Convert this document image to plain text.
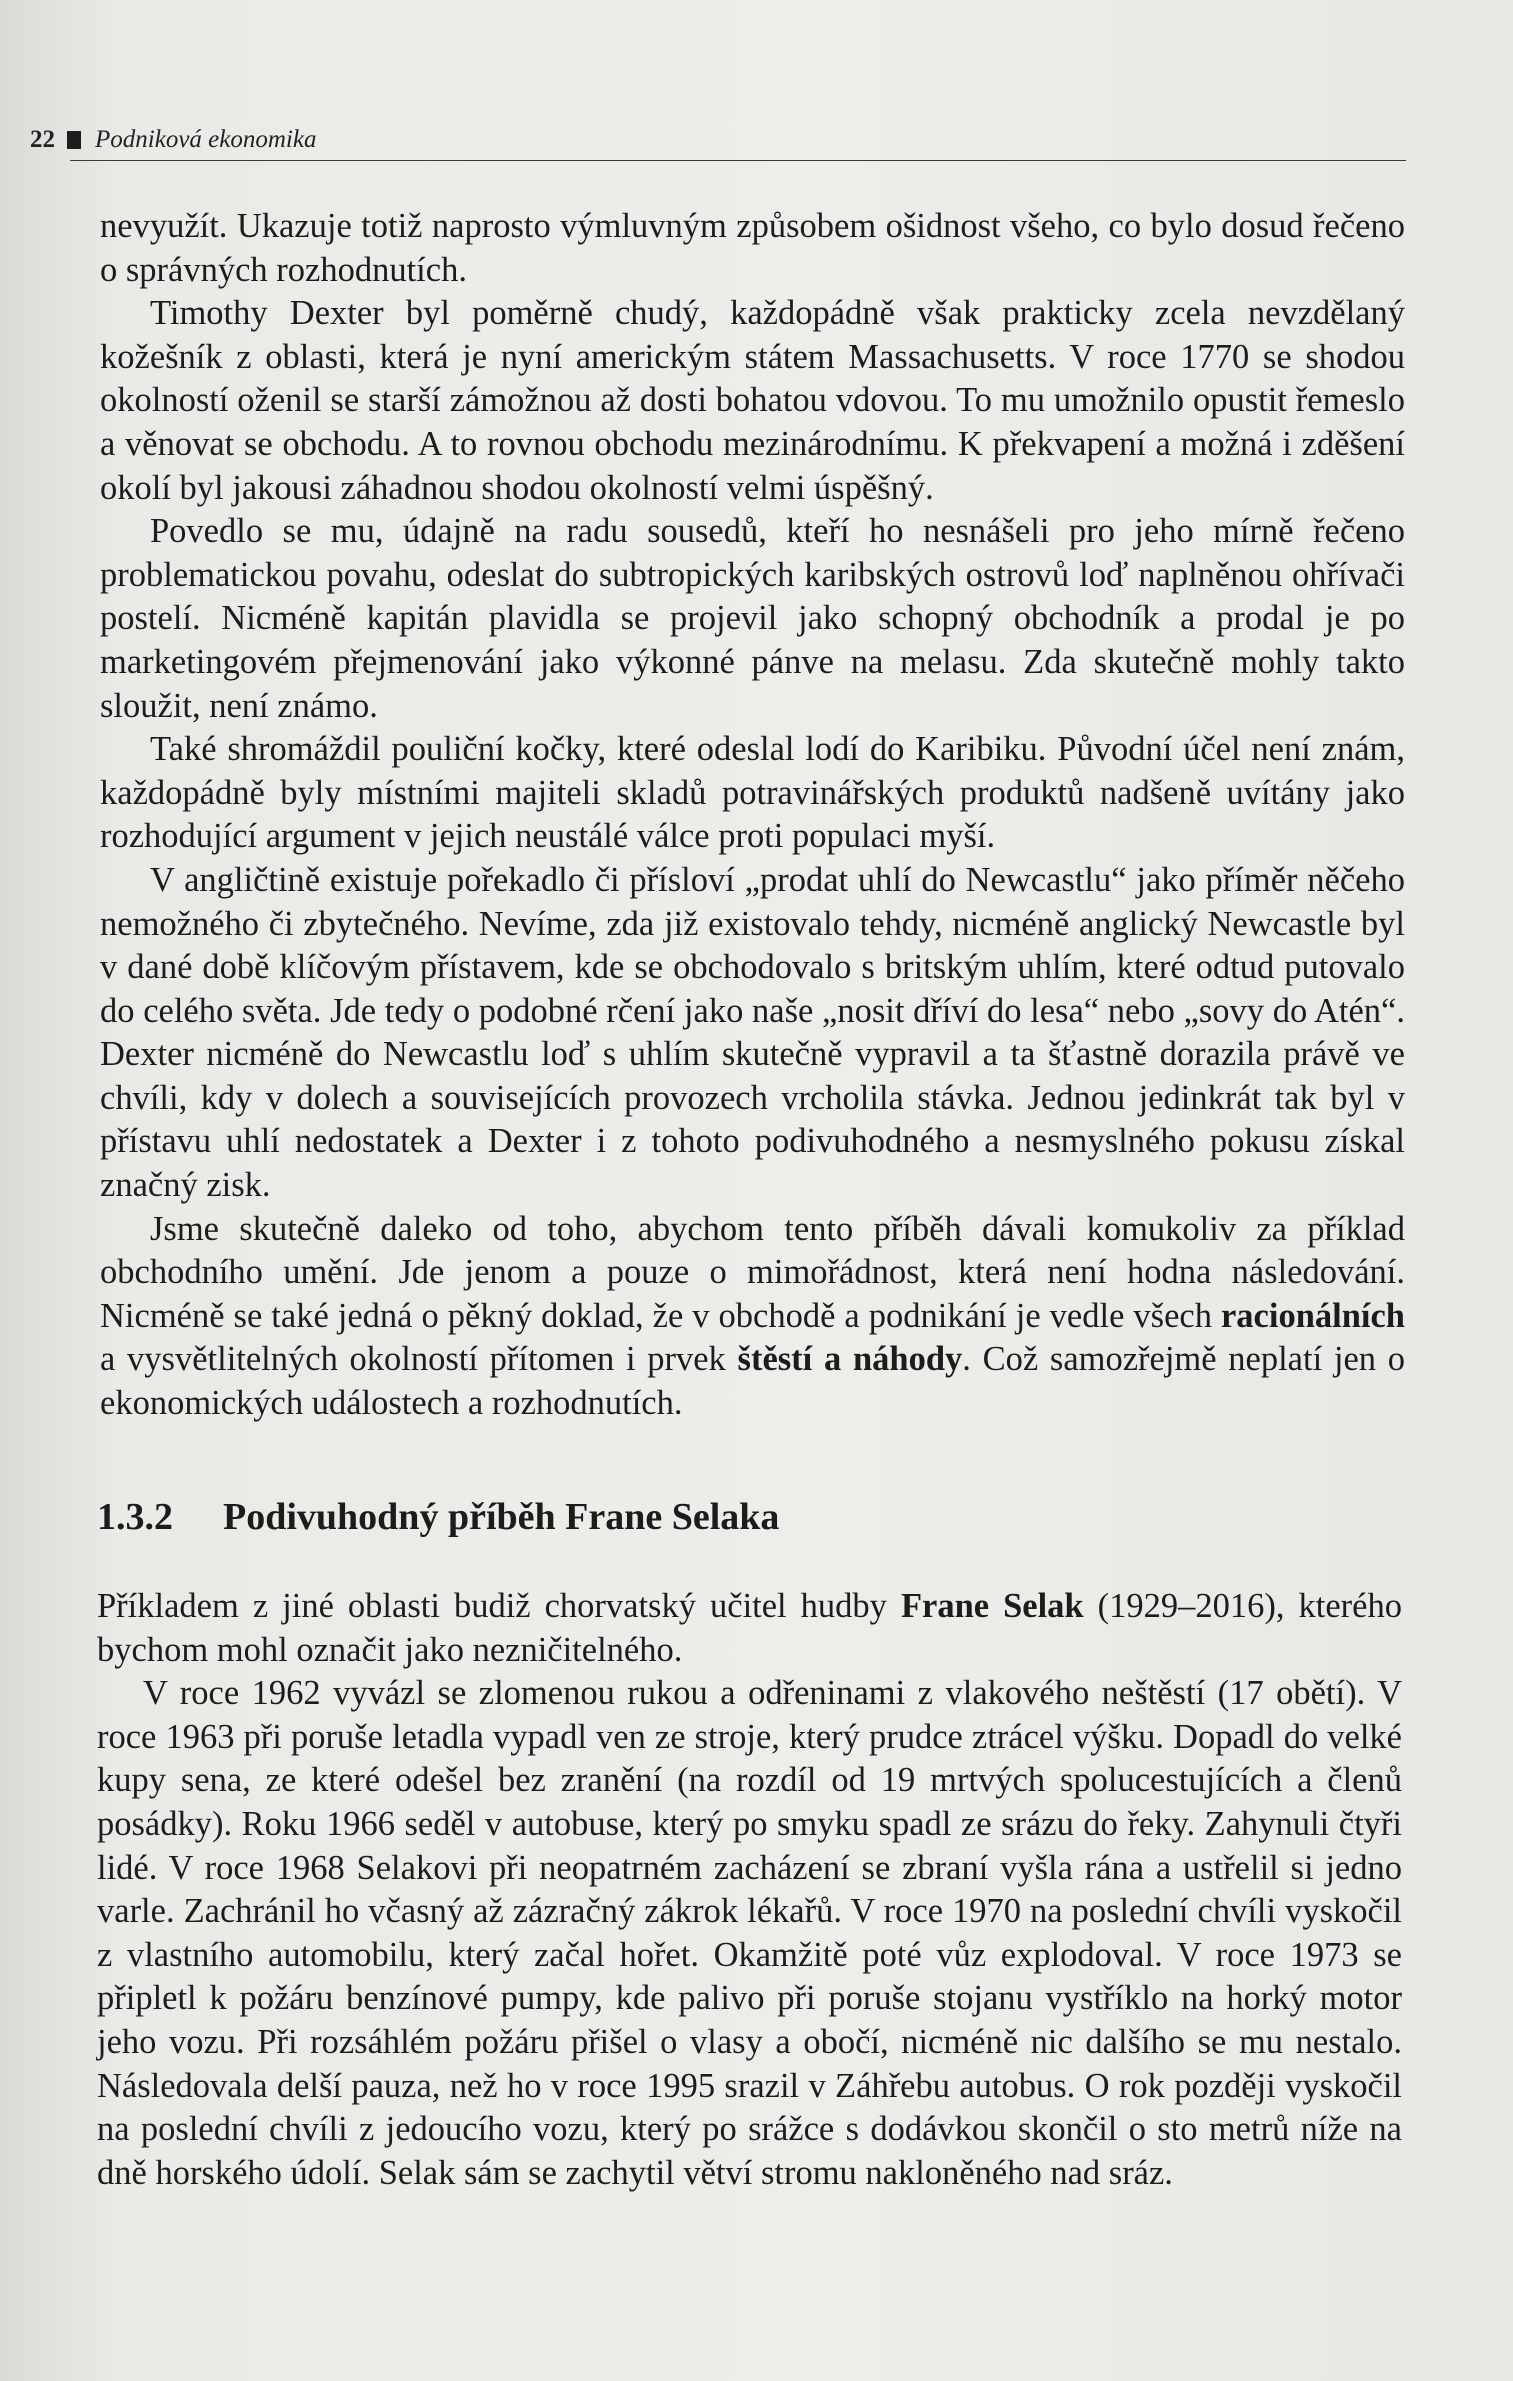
22 Podniková ekonomika

nevyužít. Ukazuje totiž naprosto výmluvným způsobem ošidnost všeho, co bylo dosud řečeno o správných rozhodnutích.

Timothy Dexter byl poměrně chudý, každopádně však prakticky zcela nevzdělaný kožešník z oblasti, která je nyní americkým státem Massachusetts. V roce 1770 se shodou okolností oženil se starší zámožnou až dosti bohatou vdovou. To mu umožnilo opustit řemeslo a věnovat se obchodu. A to rovnou obchodu mezinárodnímu. K překvapení a možná i zděšení okolí byl jakousi záhadnou shodou okolností velmi úspěšný.

Povedlo se mu, údajně na radu sousedů, kteří ho nesnášeli pro jeho mírně řečeno problematickou povahu, odeslat do subtropických karibských ostrovů loď naplněnou ohřívači postelí. Nicméně kapitán plavidla se projevil jako schopný obchodník a prodal je po marketingovém přejmenování jako výkonné pánve na melasu. Zda skutečně mohly takto sloužit, není známo.

Také shromáždil pouliční kočky, které odeslal lodí do Karibiku. Původní účel není znám, každopádně byly místními majiteli skladů potravinářských produktů nadšeně uvítány jako rozhodující argument v jejich neustálé válce proti populaci myší.

V angličtině existuje pořekadlo či přísloví „prodat uhlí do Newcastlu“ jako příměr něčeho nemožného či zbytečného. Nevíme, zda již existovalo tehdy, nicméně anglický Newcastle byl v dané době klíčovým přístavem, kde se obchodovalo s britským uhlím, které odtud putovalo do celého světa. Jde tedy o podobné rčení jako naše „nosit dříví do lesa“ nebo „sovy do Atén“. Dexter nicméně do Newcastlu loď s uhlím skutečně vypravil a ta šťastně dorazila právě ve chvíli, kdy v dolech a souvisejících provozech vrcholila stávka. Jednou jedinkrát tak byl v přístavu uhlí nedostatek a Dexter i z tohoto podivuhodného a nesmyslného pokusu získal značný zisk.

Jsme skutečně daleko od toho, abychom tento příběh dávali komukoliv za příklad obchodního umění. Jde jenom a pouze o mimořádnost, která není hodna následování. Nicméně se také jedná o pěkný doklad, že v obchodě a podnikání je vedle všech racionálních a vysvětlitelných okolností přítomen i prvek štěstí a náhody. Což samozřejmě neplatí jen o ekonomických událostech a rozhodnutích.

1.3.2 Podivuhodný příběh Frane Selaka

Příkladem z jiné oblasti budiž chorvatský učitel hudby Frane Selak (1929–2016), kterého bychom mohl označit jako nezničitelného.

V roce 1962 vyvázl se zlomenou rukou a odřeninami z vlakového neštěstí (17 obětí). V roce 1963 při poruše letadla vypadl ven ze stroje, který prudce ztrácel výšku. Dopadl do velké kupy sena, ze které odešel bez zranění (na rozdíl od 19 mrtvých spolucestujících a členů posádky). Roku 1966 seděl v autobuse, který po smyku spadl ze srázu do řeky. Zahynuli čtyři lidé. V roce 1968 Selakovi při neopatrném zacházení se zbraní vyšla rána a ustřelil si jedno varle. Zachránil ho včasný až zázračný zákrok lékařů. V roce 1970 na poslední chvíli vyskočil z vlastního automobilu, který začal hořet. Okamžitě poté vůz explodoval. V roce 1973 se připletl k požáru benzínové pumpy, kde palivo při poruše stojanu vystříklo na horký motor jeho vozu. Při rozsáhlém požáru přišel o vlasy a obočí, nicméně nic dalšího se mu nestalo. Následovala delší pauza, než ho v roce 1995 srazil v Záhřebu autobus. O rok později vyskočil na poslední chvíli z jedoucího vozu, který po srážce s dodávkou skončil o sto metrů níže na dně horského údolí. Selak sám se zachytil větví stromu nakloněného nad sráz.
